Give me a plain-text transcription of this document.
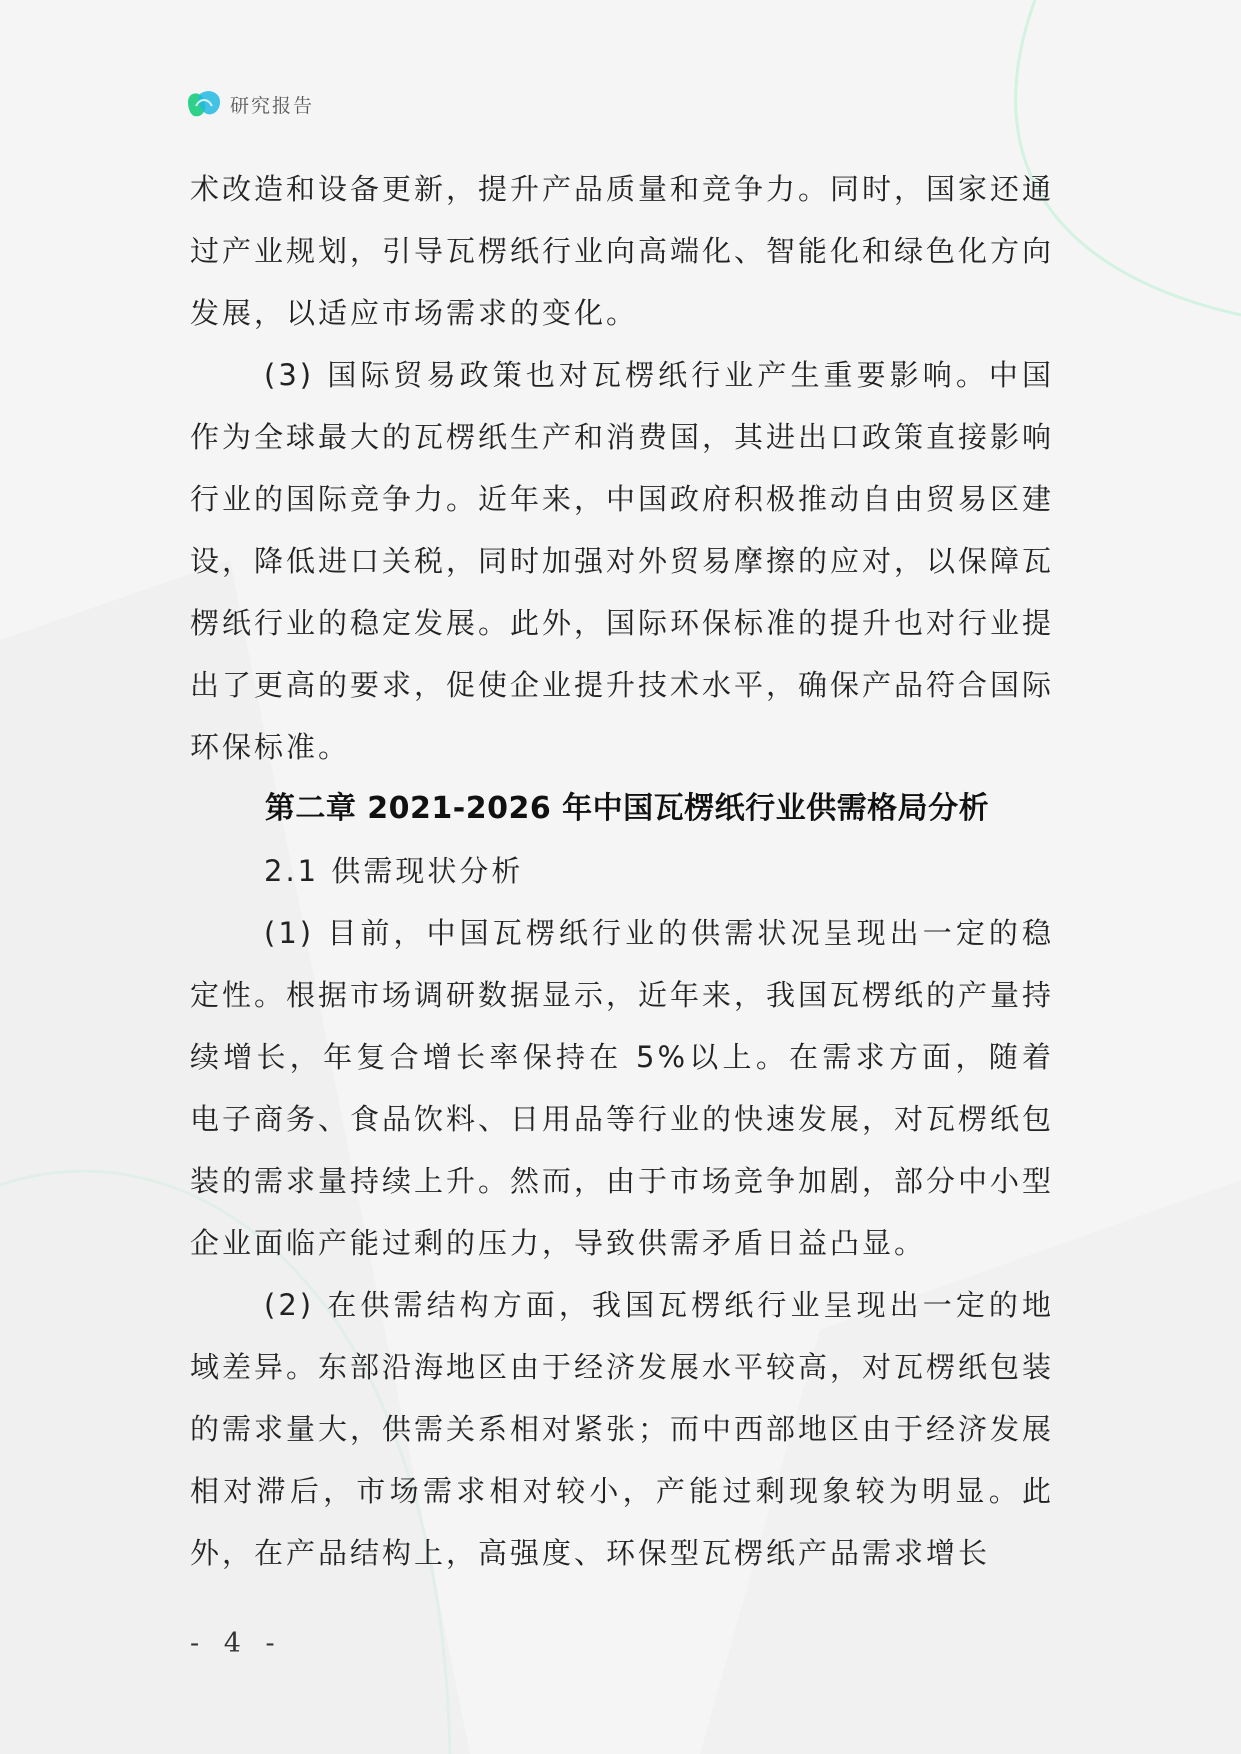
研究报告

术改造和设备更新，提升产品质量和竞争力。同时，国家还通过产业规划，引导瓦楞纸行业向高端化、智能化和绿色化方向发展，以适应市场需求的变化。

(3) 国际贸易政策也对瓦楞纸行业产生重要影响。中国作为全球最大的瓦楞纸生产和消费国，其进出口政策直接影响行业的国际竞争力。近年来，中国政府积极推动自由贸易区建设，降低进口关税，同时加强对外贸易摩擦的应对，以保障瓦楞纸行业的稳定发展。此外，国际环保标准的提升也对行业提出了更高的要求，促使企业提升技术水平，确保产品符合国际环保标准。

第二章 2021-2026 年中国瓦楞纸行业供需格局分析

2.1 供需现状分析

(1) 目前，中国瓦楞纸行业的供需状况呈现出一定的稳定性。根据市场调研数据显示，近年来，我国瓦楞纸的产量持续增长，年复合增长率保持在 5%以上。在需求方面，随着电子商务、食品饮料、日用品等行业的快速发展，对瓦楞纸包装的需求量持续上升。然而，由于市场竞争加剧，部分中小型企业面临产能过剩的压力，导致供需矛盾日益凸显。

(2) 在供需结构方面，我国瓦楞纸行业呈现出一定的地域差异。东部沿海地区由于经济发展水平较高，对瓦楞纸包装的需求量大，供需关系相对紧张；而中西部地区由于经济发展相对滞后，市场需求相对较小，产能过剩现象较为明显。此外，在产品结构上，高强度、环保型瓦楞纸产品需求增长

- 4 -
